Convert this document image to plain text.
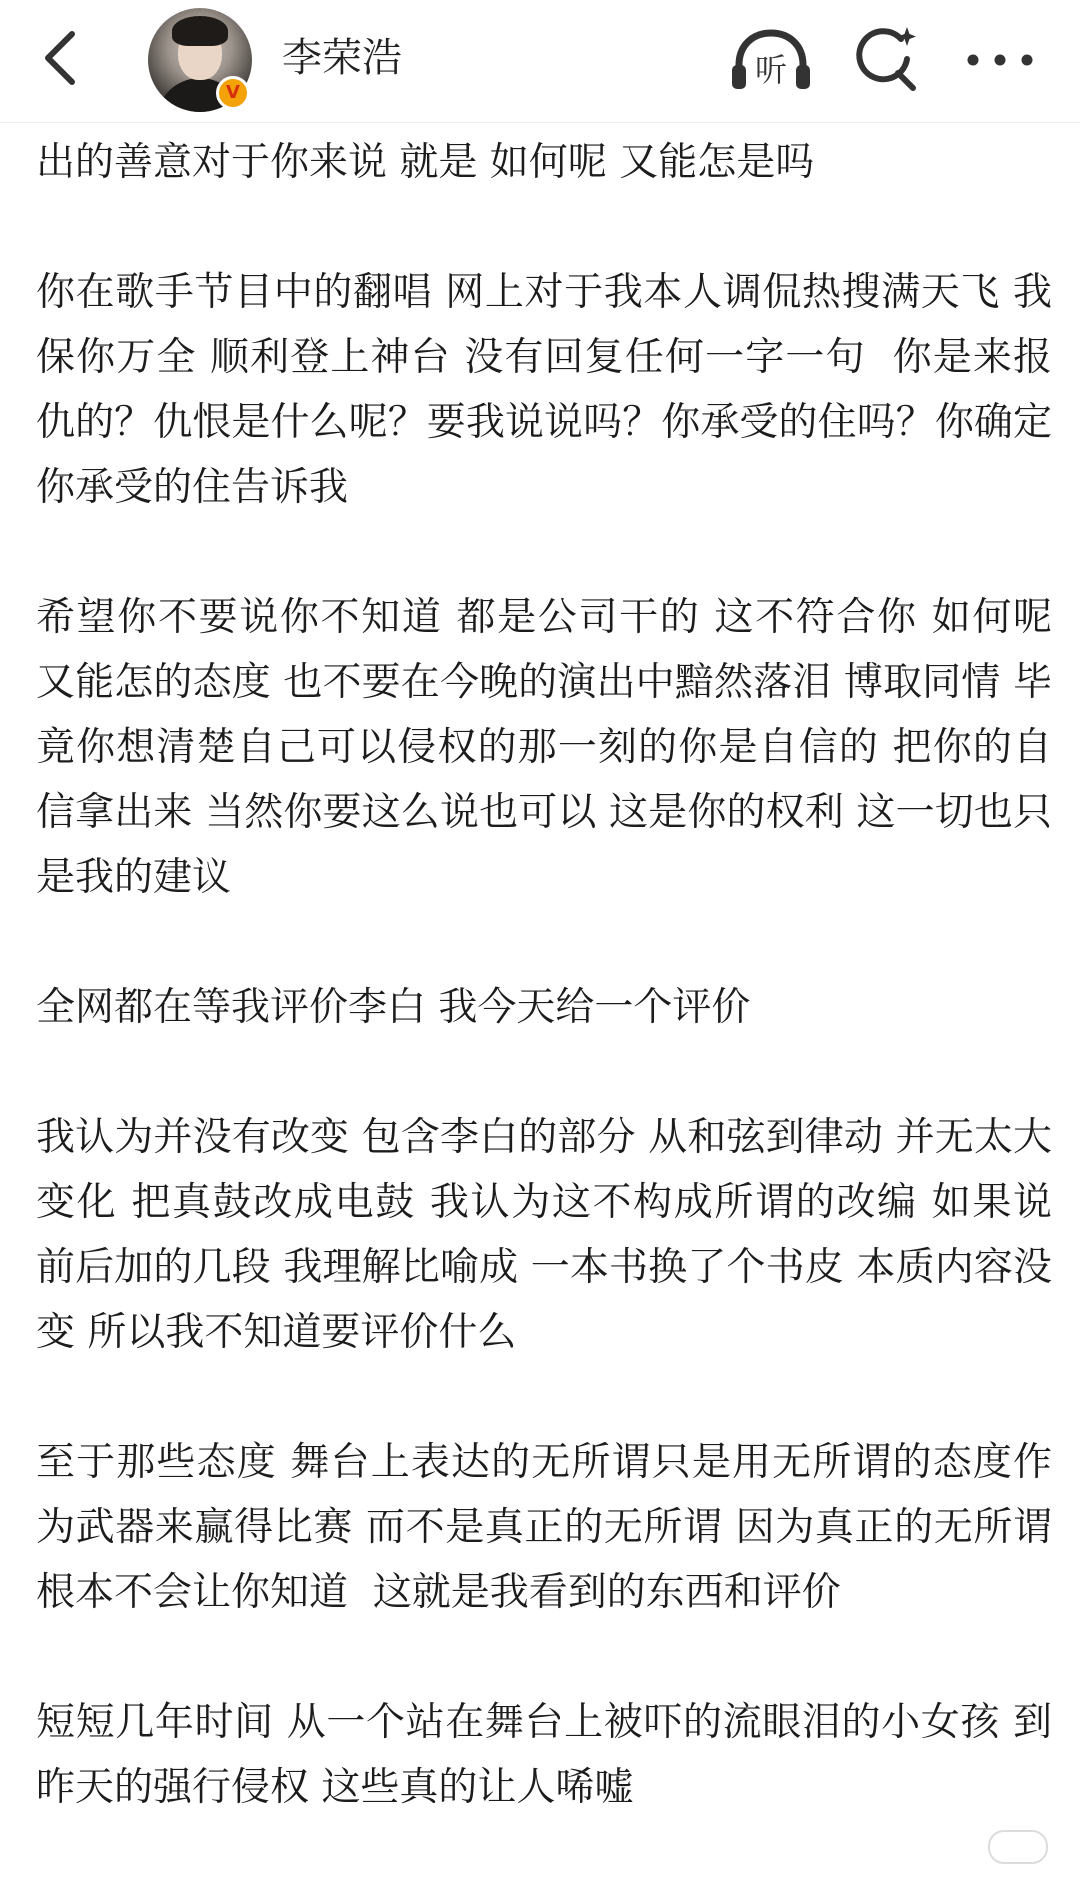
V
李荣浩	听

出的善意对于你来说 就是 如何呢 又能怎是吗

你在歌手节目中的翻唱 网上对于我本人调侃热搜满天飞 我保你万全 顺利登上神台 没有回复任何一字一句  你是来报仇的？仇恨是什么呢？要我说说吗？你承受的住吗？你确定你承受的住告诉我

希望你不要说你不知道 都是公司干的 这不符合你 如何呢 又能怎的态度 也不要在今晚的演出中黯然落泪 博取同情 毕竟你想清楚自己可以侵权的那一刻的你是自信的 把你的自信拿出来 当然你要这么说也可以 这是你的权利 这一切也只是我的建议

全网都在等我评价李白 我今天给一个评价

我认为并没有改变 包含李白的部分 从和弦到律动 并无太大变化 把真鼓改成电鼓 我认为这不构成所谓的改编 如果说 前后加的几段 我理解比喻成 一本书换了个书皮 本质内容没变 所以我不知道要评价什么

至于那些态度 舞台上表达的无所谓只是用无所谓的态度作为武器来赢得比赛 而不是真正的无所谓 因为真正的无所谓根本不会让你知道  这就是我看到的东西和评价

短短几年时间 从一个站在舞台上被吓的流眼泪的小女孩 到昨天的强行侵权 这些真的让人唏嘘
